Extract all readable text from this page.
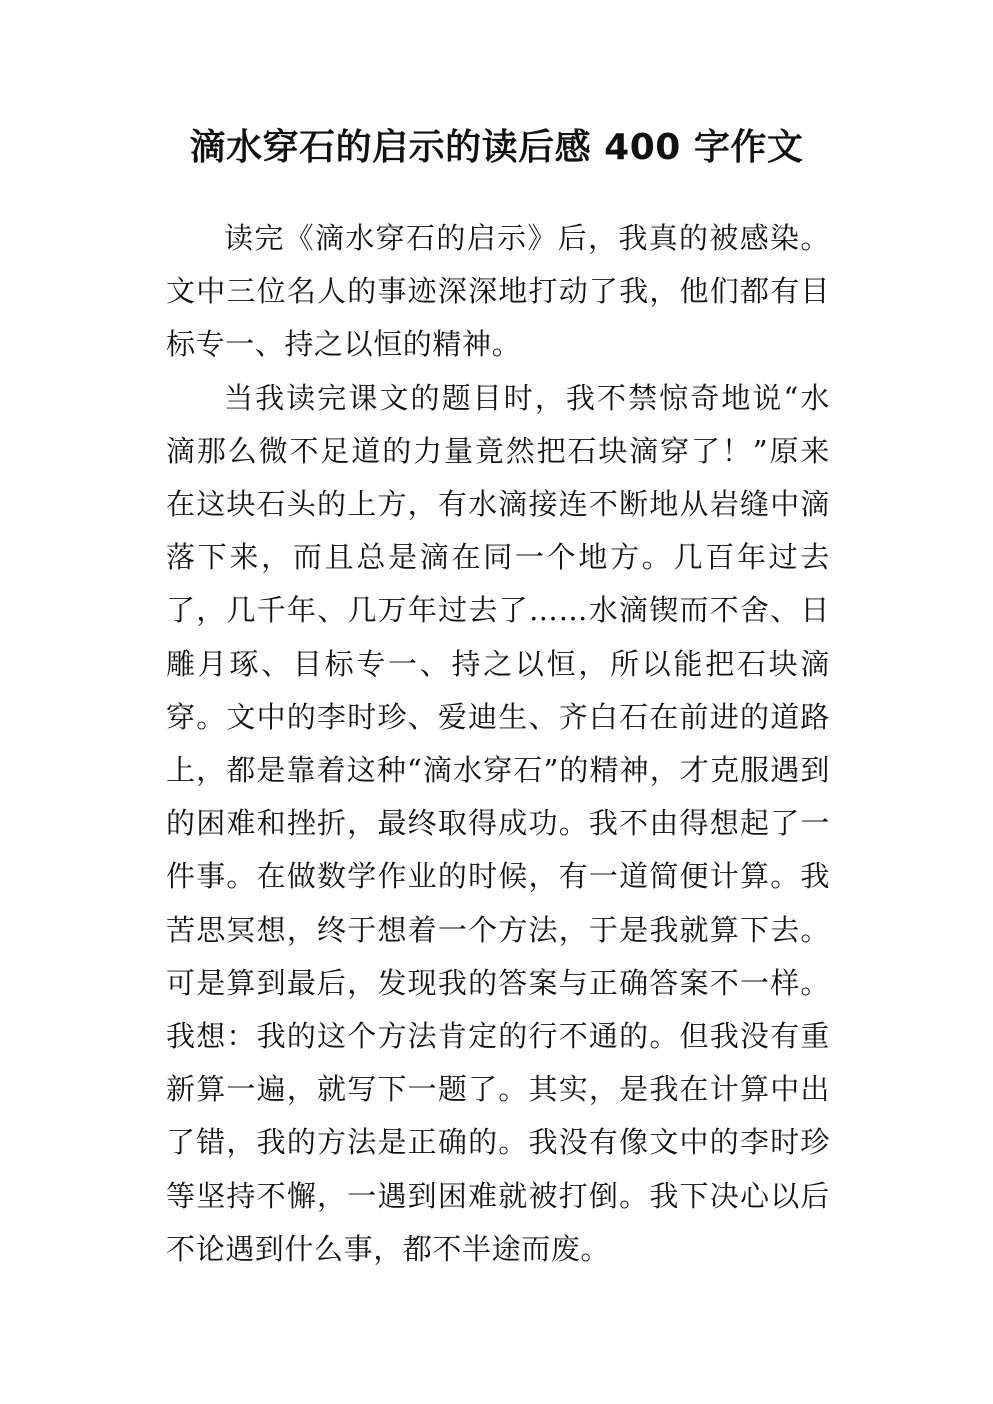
滴水穿石的启示的读后感 400 字作文

读完《滴水穿石的启示》后，我真的被感染。文中三位名人的事迹深深地打动了我，他们都有目标专一、持之以恒的精神。

当我读完课文的题目时，我不禁惊奇地说“水滴那么微不足道的力量竟然把石块滴穿了！”原来在这块石头的上方，有水滴接连不断地从岩缝中滴落下来，而且总是滴在同一个地方。几百年过去了，几千年、几万年过去了……水滴锲而不舍、日雕月琢、目标专一、持之以恒，所以能把石块滴穿。文中的李时珍、爱迪生、齐白石在前进的道路上，都是靠着这种“滴水穿石”的精神，才克服遇到的困难和挫折，最终取得成功。我不由得想起了一件事。在做数学作业的时候，有一道简便计算。我苦思冥想，终于想着一个方法，于是我就算下去。可是算到最后，发现我的答案与正确答案不一样。我想：我的这个方法肯定的行不通的。但我没有重新算一遍，就写下一题了。其实，是我在计算中出了错，我的方法是正确的。我没有像文中的李时珍等坚持不懈，一遇到困难就被打倒。我下决心以后不论遇到什么事，都不半途而废。
